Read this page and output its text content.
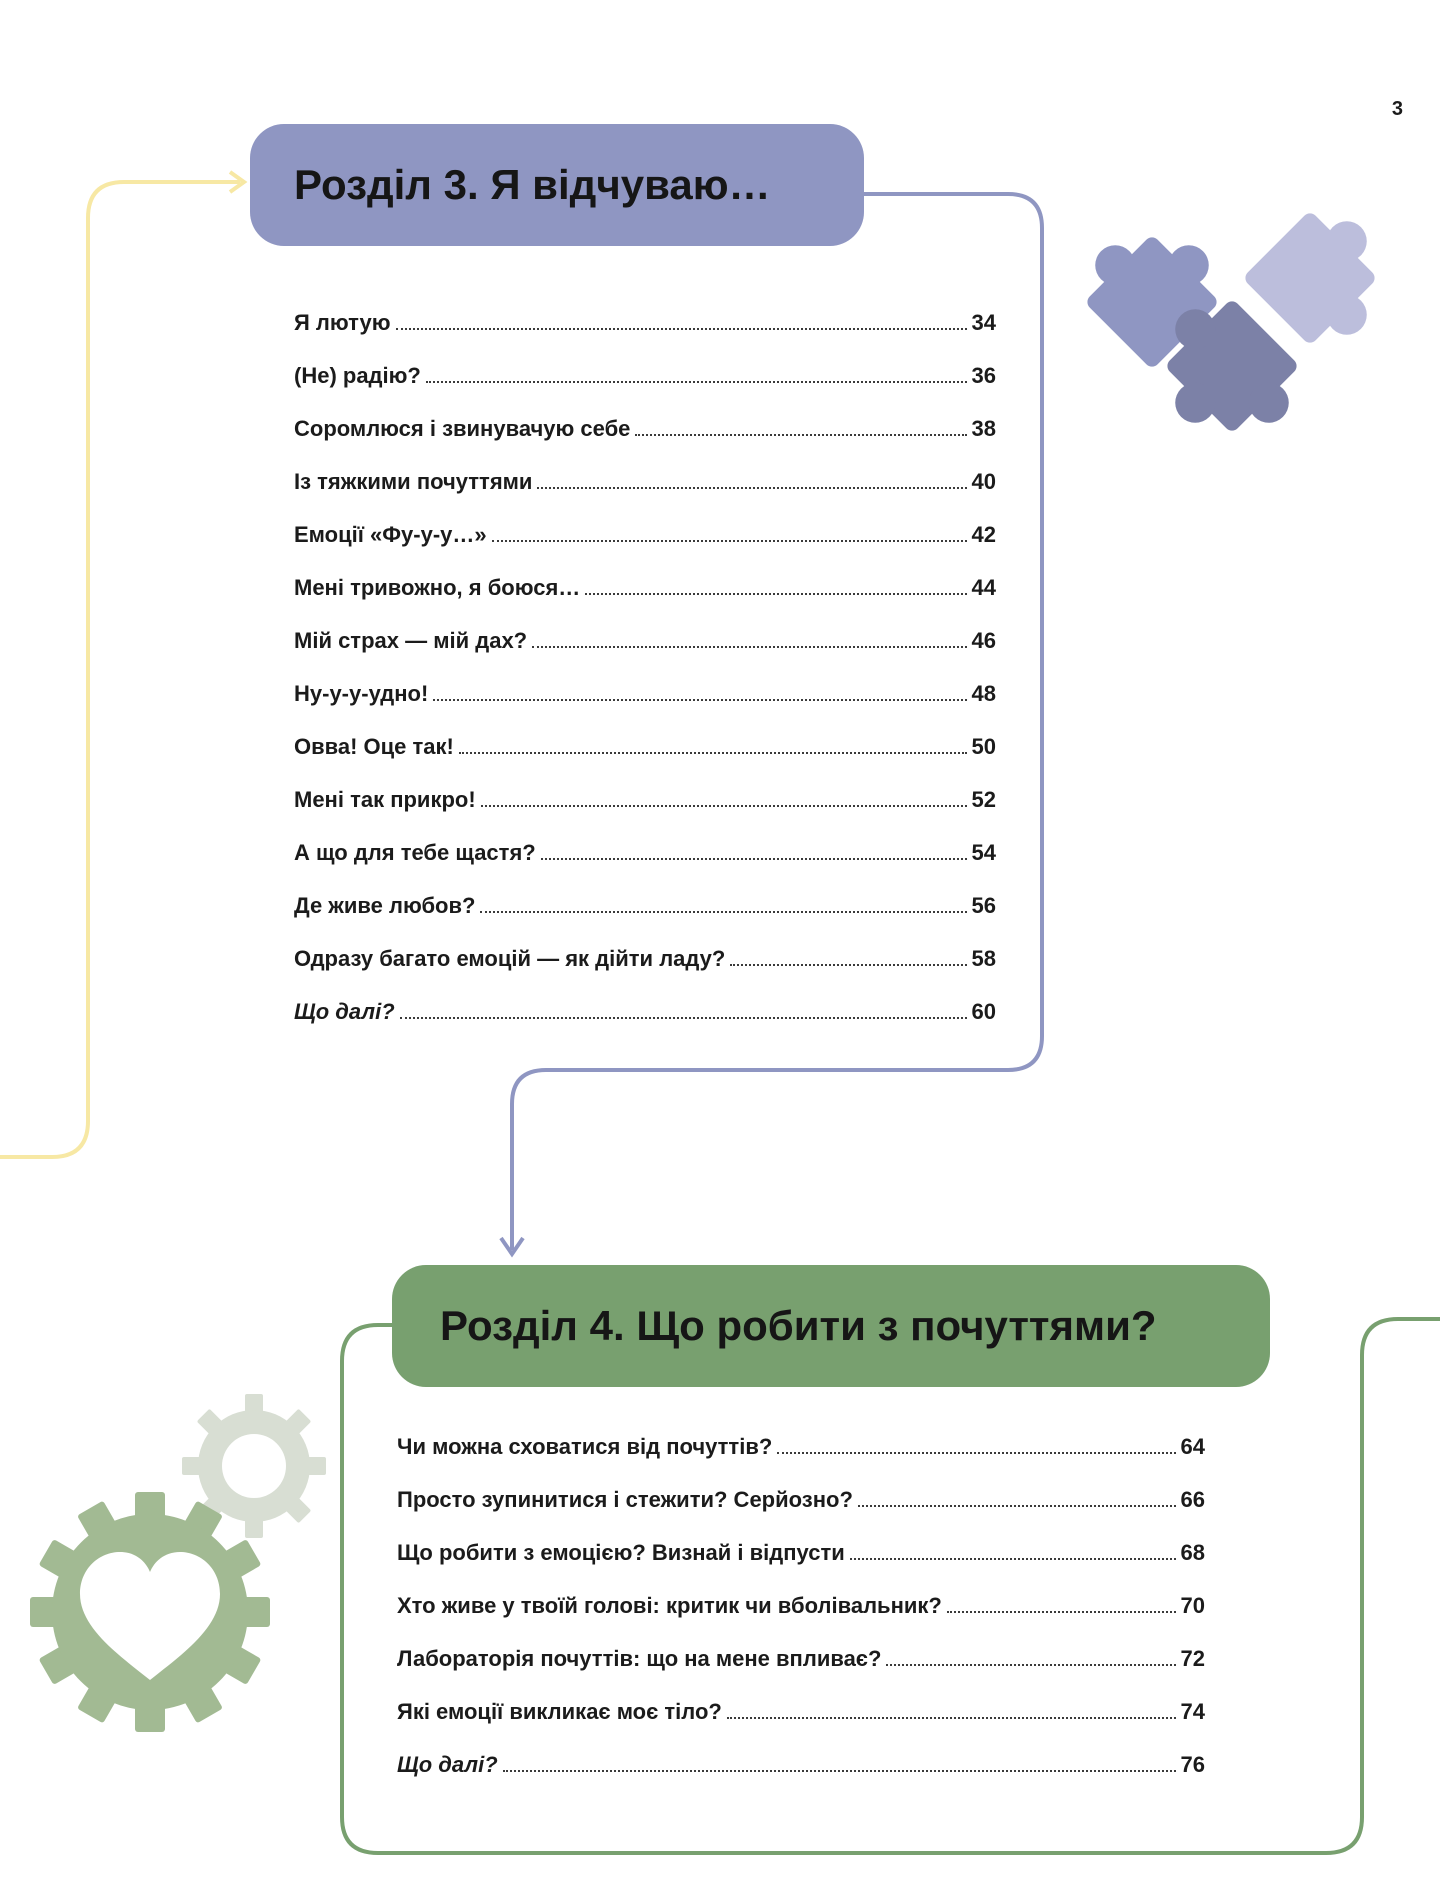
3
Розділ 3. Я відчуваю…
Я лютую	34
(Не) радію?	36
Соромлюся і звинувачую себе	38
Із тяжкими почуттями	40
Емоції «Фу-у-у…»	42
Мені тривожно, я боюся…	44
Мій страх — мій дах?	46
Ну-у-у-удно!	48
Овва! Оце так!	50
Мені так прикро!	52
А що для тебе щастя?	54
Де живе любов?	56
Одразу багато емоцій — як дійти ладу?	58
Що далі?	60
Розділ 4. Що робити з почуттями?
Чи можна сховатися від почуттів?	64
Просто зупинитися і стежити? Серйозно?	66
Що робити з емоцією? Визнай і відпусти	68
Хто живе у твоїй голові: критик чи вболівальник?	70
Лабораторія почуттів: що на мене впливає?	72
Які емоції викликає моє тіло?	74
Що далі?	76
